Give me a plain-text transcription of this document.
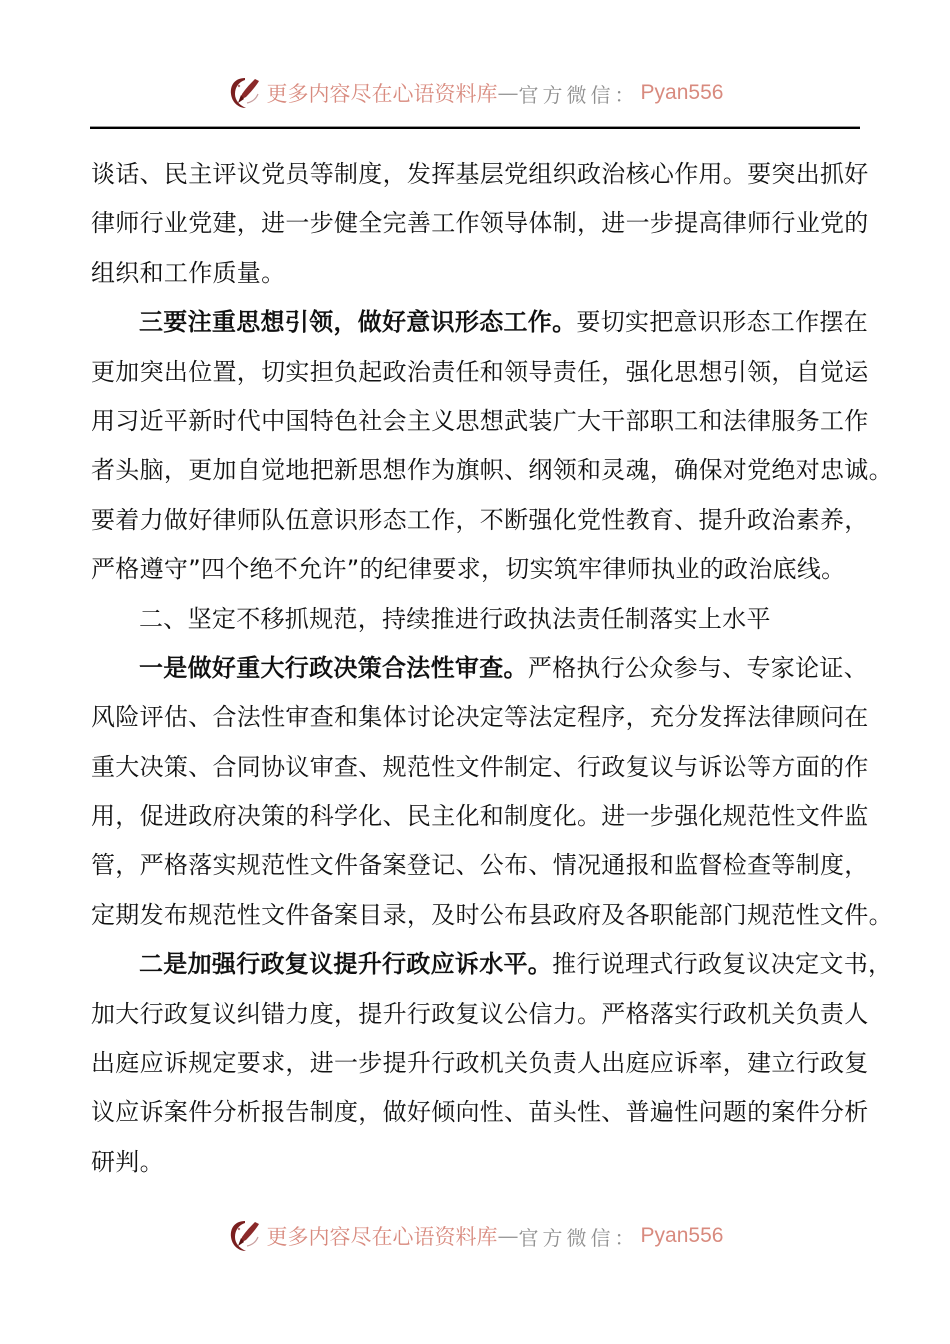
更多内容尽在心语资料库 — 官方微信： Pyan556
谈话、民主评议党员等制度，发挥基层党组织政治核心作用。要突出抓好
律师行业党建，进一步健全完善工作领导体制，进一步提高律师行业党的
组织和工作质量。
三要注重思想引领，做好意识形态工作。要切实把意识形态工作摆在
更加突出位置，切实担负起政治责任和领导责任，强化思想引领，自觉运
用习近平新时代中国特色社会主义思想武装广大干部职工和法律服务工作
者头脑，更加自觉地把新思想作为旗帜、纲领和灵魂，确保对党绝对忠诚。
要着力做好律师队伍意识形态工作，不断强化党性教育、提升政治素养，
严格遵守”四个绝不允许”的纪律要求，切实筑牢律师执业的政治底线。
二、坚定不移抓规范，持续推进行政执法责任制落实上水平
一是做好重大行政决策合法性审查。严格执行公众参与、专家论证、
风险评估、合法性审查和集体讨论决定等法定程序，充分发挥法律顾问在
重大决策、合同协议审查、规范性文件制定、行政复议与诉讼等方面的作
用，促进政府决策的科学化、民主化和制度化。进一步强化规范性文件监
管，严格落实规范性文件备案登记、公布、情况通报和监督检查等制度，
定期发布规范性文件备案目录，及时公布县政府及各职能部门规范性文件。
二是加强行政复议提升行政应诉水平。推行说理式行政复议决定文书，
加大行政复议纠错力度，提升行政复议公信力。严格落实行政机关负责人
出庭应诉规定要求，进一步提升行政机关负责人出庭应诉率，建立行政复
议应诉案件分析报告制度，做好倾向性、苗头性、普遍性问题的案件分析
研判。
更多内容尽在心语资料库 — 官方微信： Pyan556
